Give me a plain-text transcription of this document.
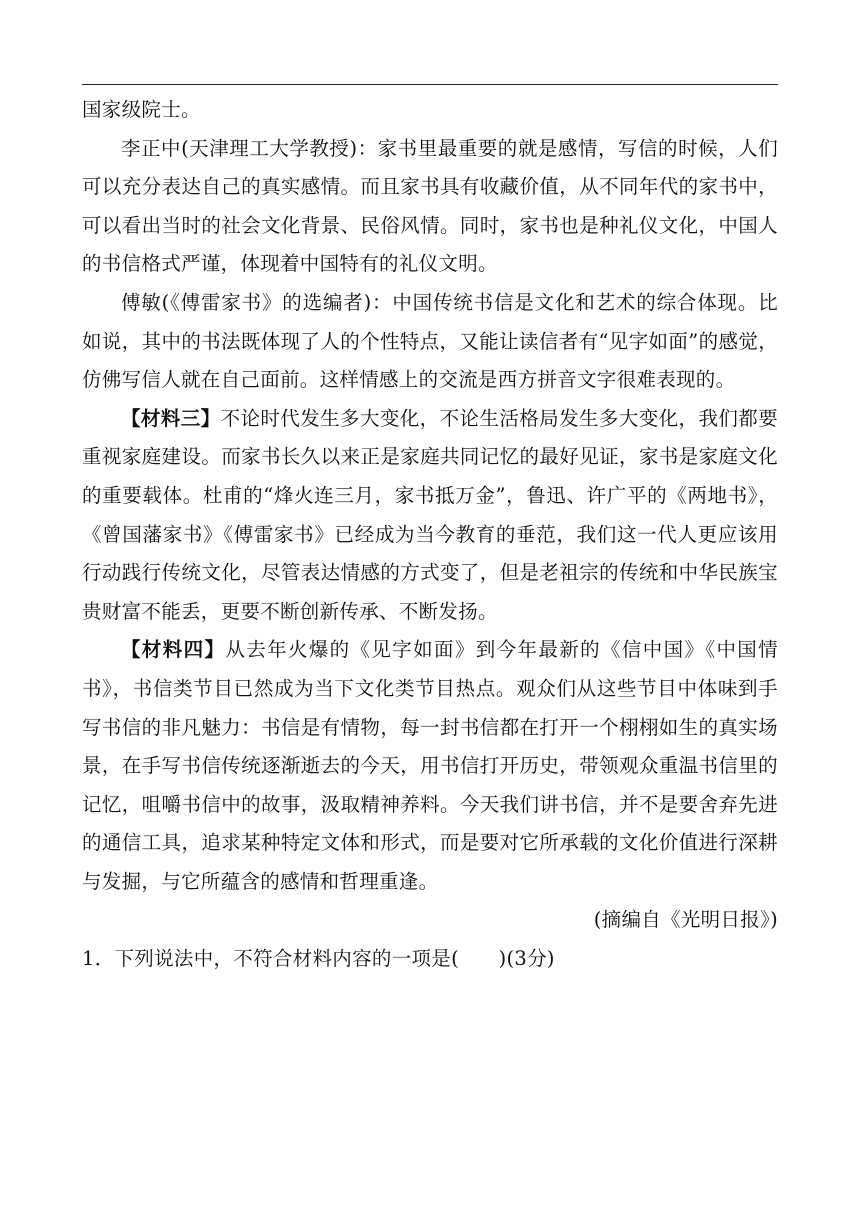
国家级院士。

李正中(天津理工大学教授)：家书里最重要的就是感情，写信的时候，人们可以充分表达自己的真实感情。而且家书具有收藏价值，从不同年代的家书中，可以看出当时的社会文化背景、民俗风情。同时，家书也是种礼仪文化，中国人的书信格式严谨，体现着中国特有的礼仪文明。

傅敏(《傅雷家书》的选编者)：中国传统书信是文化和艺术的综合体现。比如说，其中的书法既体现了人的个性特点，又能让读信者有“见字如面”的感觉，仿佛写信人就在自己面前。这样情感上的交流是西方拼音文字很难表现的。

【材料三】不论时代发生多大变化，不论生活格局发生多大变化，我们都要重视家庭建设。而家书长久以来正是家庭共同记忆的最好见证，家书是家庭文化的重要载体。杜甫的“烽火连三月，家书抵万金”，鲁迅、许广平的《两地书》，《曾国藩家书》《傅雷家书》已经成为当今教育的垂范，我们这一代人更应该用行动践行传统文化，尽管表达情感的方式变了，但是老祖宗的传统和中华民族宝贵财富不能丢，更要不断创新传承、不断发扬。

【材料四】从去年火爆的《见字如面》到今年最新的《信中国》《中国情书》，书信类节目已然成为当下文化类节目热点。观众们从这些节目中体味到手写书信的非凡魅力：书信是有情物，每一封书信都在打开一个栩栩如生的真实场景，在手写书信传统逐渐逝去的今天，用书信打开历史，带领观众重温书信里的记忆，咀嚼书信中的故事，汲取精神养料。今天我们讲书信，并不是要舍弃先进的通信工具，追求某种特定文体和形式，而是要对它所承载的文化价值进行深耕与发掘，与它所蕴含的感情和哲理重逢。

(摘编自《光明日报》)

1．下列说法中，不符合材料内容的一项是(　　)(3分)
